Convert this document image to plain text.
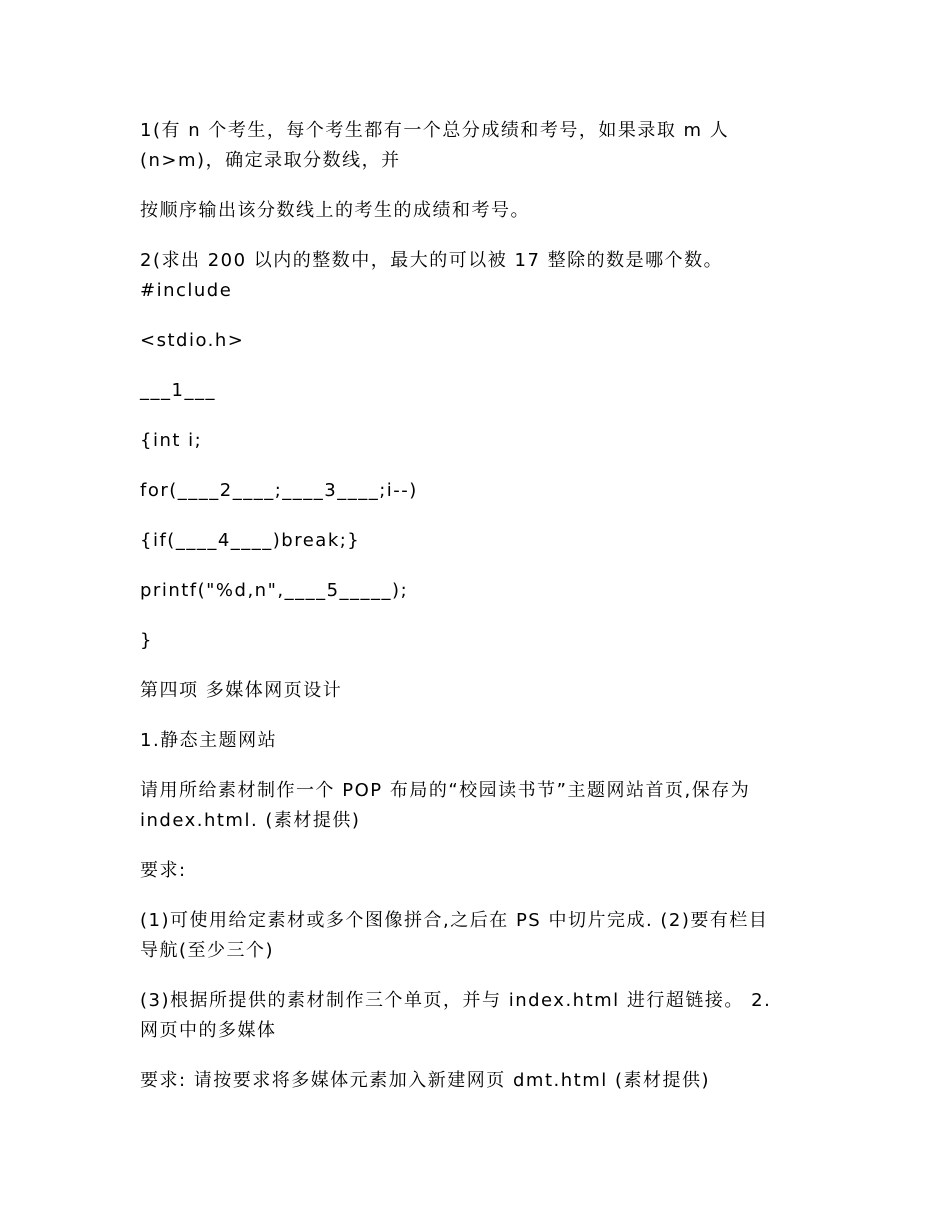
1(有 n 个考生，每个考生都有一个总分成绩和考号，如果录取 m 人
(n>m)，确定录取分数线，并

按顺序输出该分数线上的考生的成绩和考号。

2(求出 200 以内的整数中，最大的可以被 17 整除的数是哪个数。
#include

<stdio.h>

___1___

{int i;

for(____2____;____3____;i--)

{if(____4____)break;}

printf("%d,n",____5_____);

}

第四项 多媒体网页设计

1.静态主题网站

请用所给素材制作一个 POP 布局的“校园读书节”主题网站首页,保存为
index.html. (素材提供)

要求:

(1)可使用给定素材或多个图像拼合,之后在 PS 中切片完成. (2)要有栏目
导航(至少三个)

(3)根据所提供的素材制作三个单页，并与 index.html 进行超链接。 2.
网页中的多媒体

要求: 请按要求将多媒体元素加入新建网页 dmt.html (素材提供)
